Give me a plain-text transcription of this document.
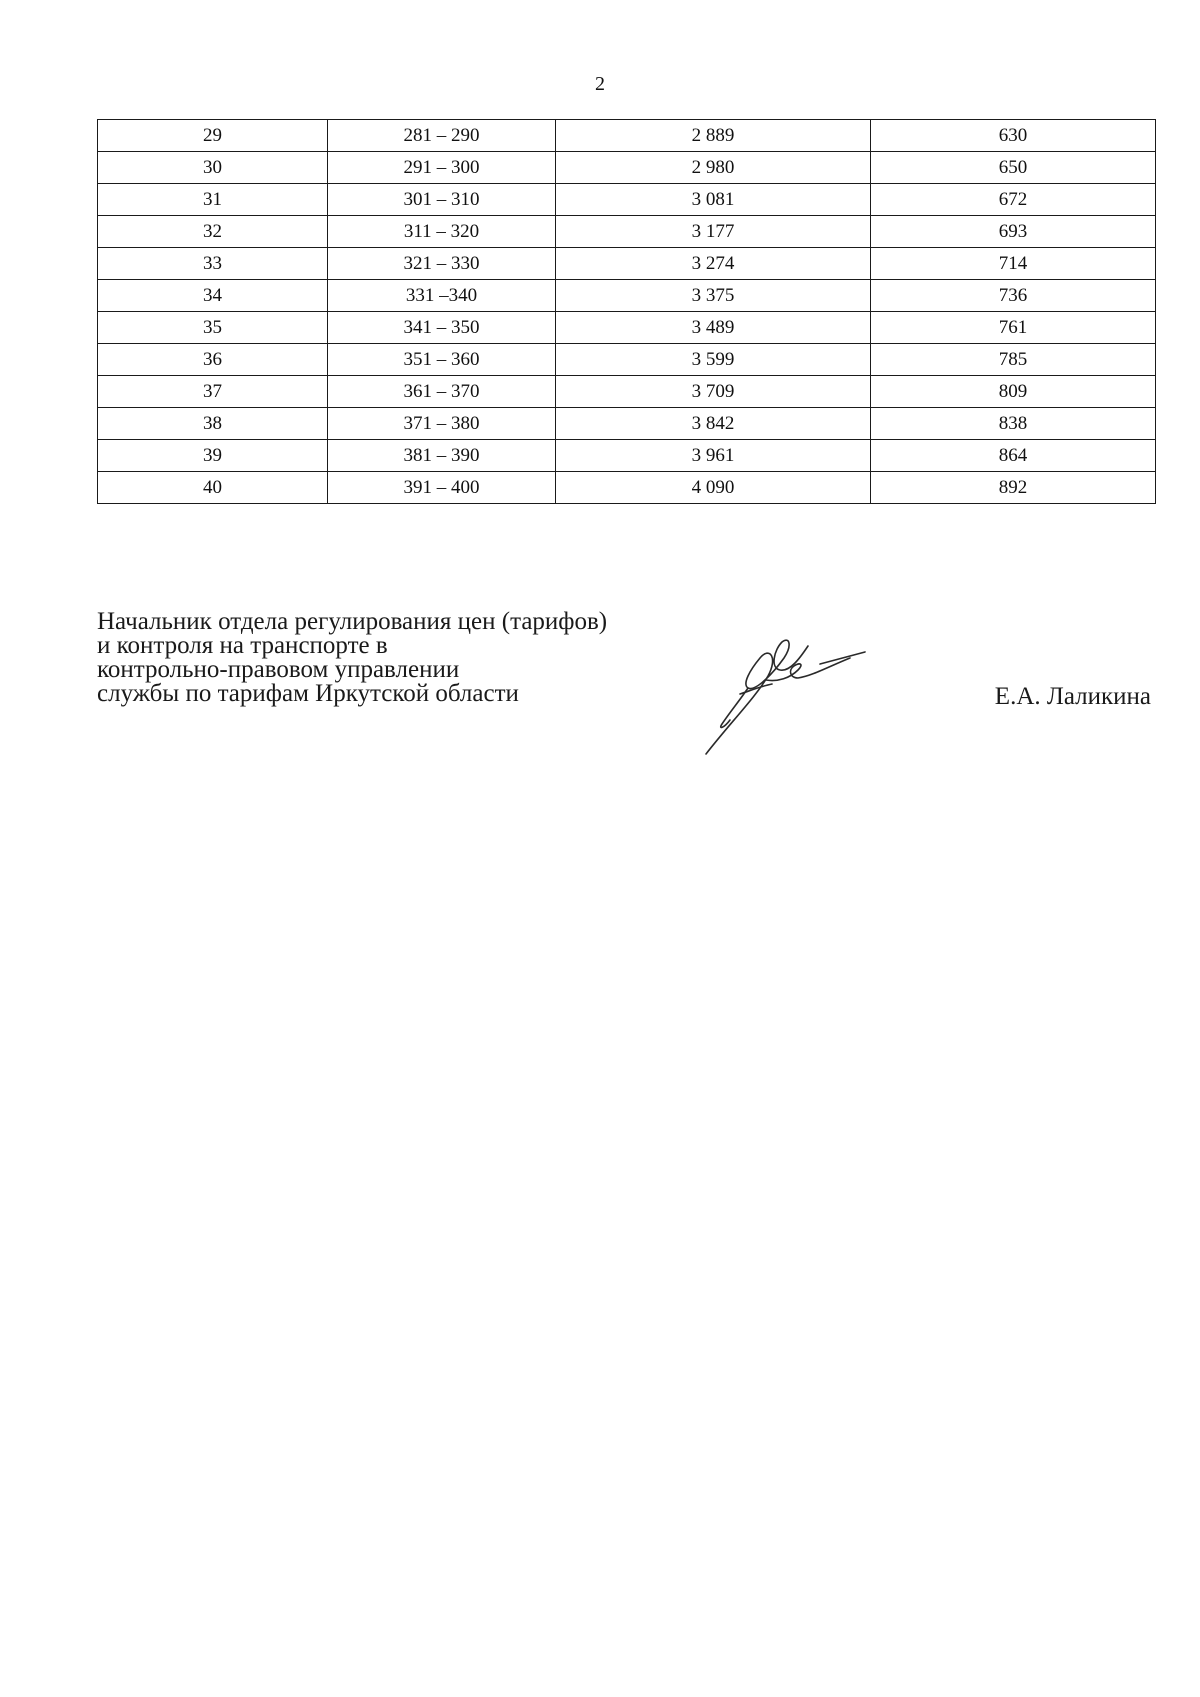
2
29	281 – 290	2 889	630
30	291 – 300	2 980	650
31	301 – 310	3 081	672
32	311 – 320	3 177	693
33	321 – 330	3 274	714
34	331 –340	3 375	736
35	341 – 350	3 489	761
36	351 – 360	3 599	785
37	361 – 370	3 709	809
38	371 – 380	3 842	838
39	381 – 390	3 961	864
40	391 – 400	4 090	892
Начальник отдела регулирования цен (тарифов)
и контроля на транспорте в
контрольно-правовом управлении
службы по тарифам Иркутской области	Е.А. Лаликина
